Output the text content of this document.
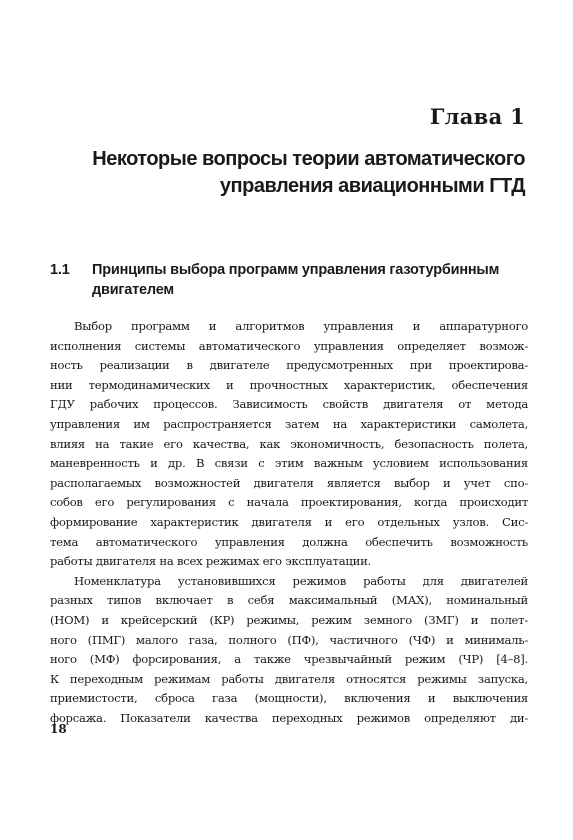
Глава 1
Некоторые вопросы теории автоматического
управления авиационными ГТД
1.1 Принципы выбора программ управления газотурбинным
двигателем
Выбор программ и алгоритмов управления и аппаратурного
исполнения системы автоматического управления определяет возмож-
ность реализации в двигателе предусмотренных при проектирова-
нии термодинамических и прочностных характеристик, обеспечения
ГДУ рабочих процессов. Зависимость свойств двигателя от метода
управления им распространяется затем на характеристики самолета,
влияя на такие его качества, как экономичность, безопасность полета,
маневренность и др. В связи с этим важным условием использования
располагаемых возможностей двигателя является выбор и учет спо-
собов его регулирования с начала проектирования, когда происходит
формирование характеристик двигателя и его отдельных узлов. Сис-
тема автоматического управления должна обеспечить возможность
работы двигателя на всех режимах его эксплуатации.
Номенклатура установившихся режимов работы для двигателей
разных типов включает в себя максимальный (МАХ), номинальный
(НОМ) и крейсерский (КР) режимы, режим земного (ЗМГ) и полет-
ного (ПМГ) малого газа, полного (ПФ), частичного (ЧФ) и минималь-
ного (МФ) форсирования, а также чрезвычайный режим (ЧР) [4–8].
К переходным режимам работы двигателя относятся режимы запуска,
приемистости, сброса газа (мощности), включения и выключения
форсажа. Показатели качества переходных режимов определяют ди-
18
